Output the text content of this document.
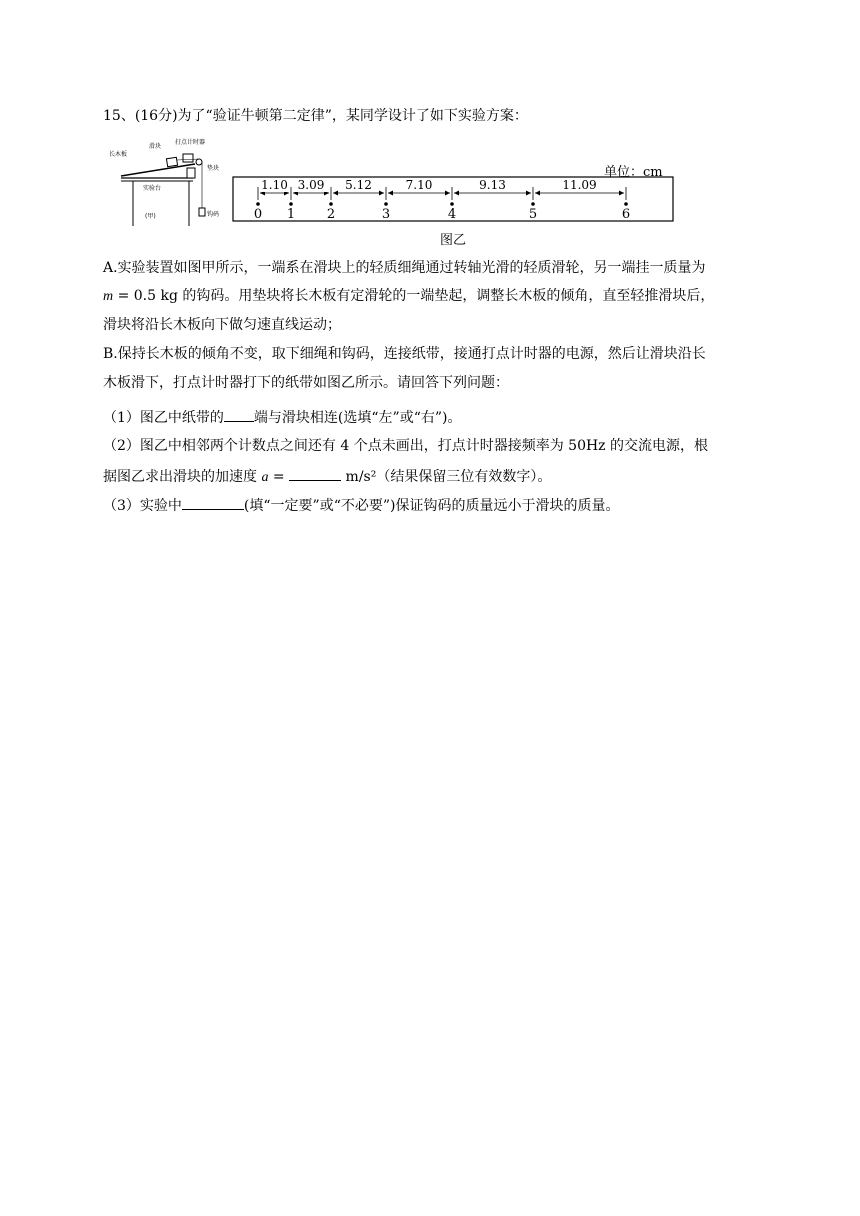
15、(16分)为了“验证牛顿第二定律”，某同学设计了如下实验方案：
长木板
滑块
打点计时器
垫块
实验台
钩码
(甲)
单位：cm
0 1 2	3	4	5	6
1.10 3.09 5.12	7.10	9.13	11.09
图乙
A.实验装置如图甲所示，一端系在滑块上的轻质细绳通过转轴光滑的轻质滑轮，另一端挂一质量为
m = 0.5 kg 的钩码。用垫块将长木板有定滑轮的一端垫起，调整长木板的倾角，直至轻推滑块后，
滑块将沿长木板向下做匀速直线运动；
B.保持长木板的倾角不变，取下细绳和钩码，连接纸带，接通打点计时器的电源，然后让滑块沿长
木板滑下，打点计时器打下的纸带如图乙所示。请回答下列问题：
（1）图乙中纸带的 端与滑块相连(选填“左”或“右”)。
（2）图乙中相邻两个计数点之间还有 4 个点未画出，打点计时器接频率为 50Hz 的交流电源，根
据图乙求出滑块的加速度 a =	m/s²（结果保留三位有效数字）。
（3）实验中	(填“一定要”或“不必要”)保证钩码的质量远小于滑块的质量。
